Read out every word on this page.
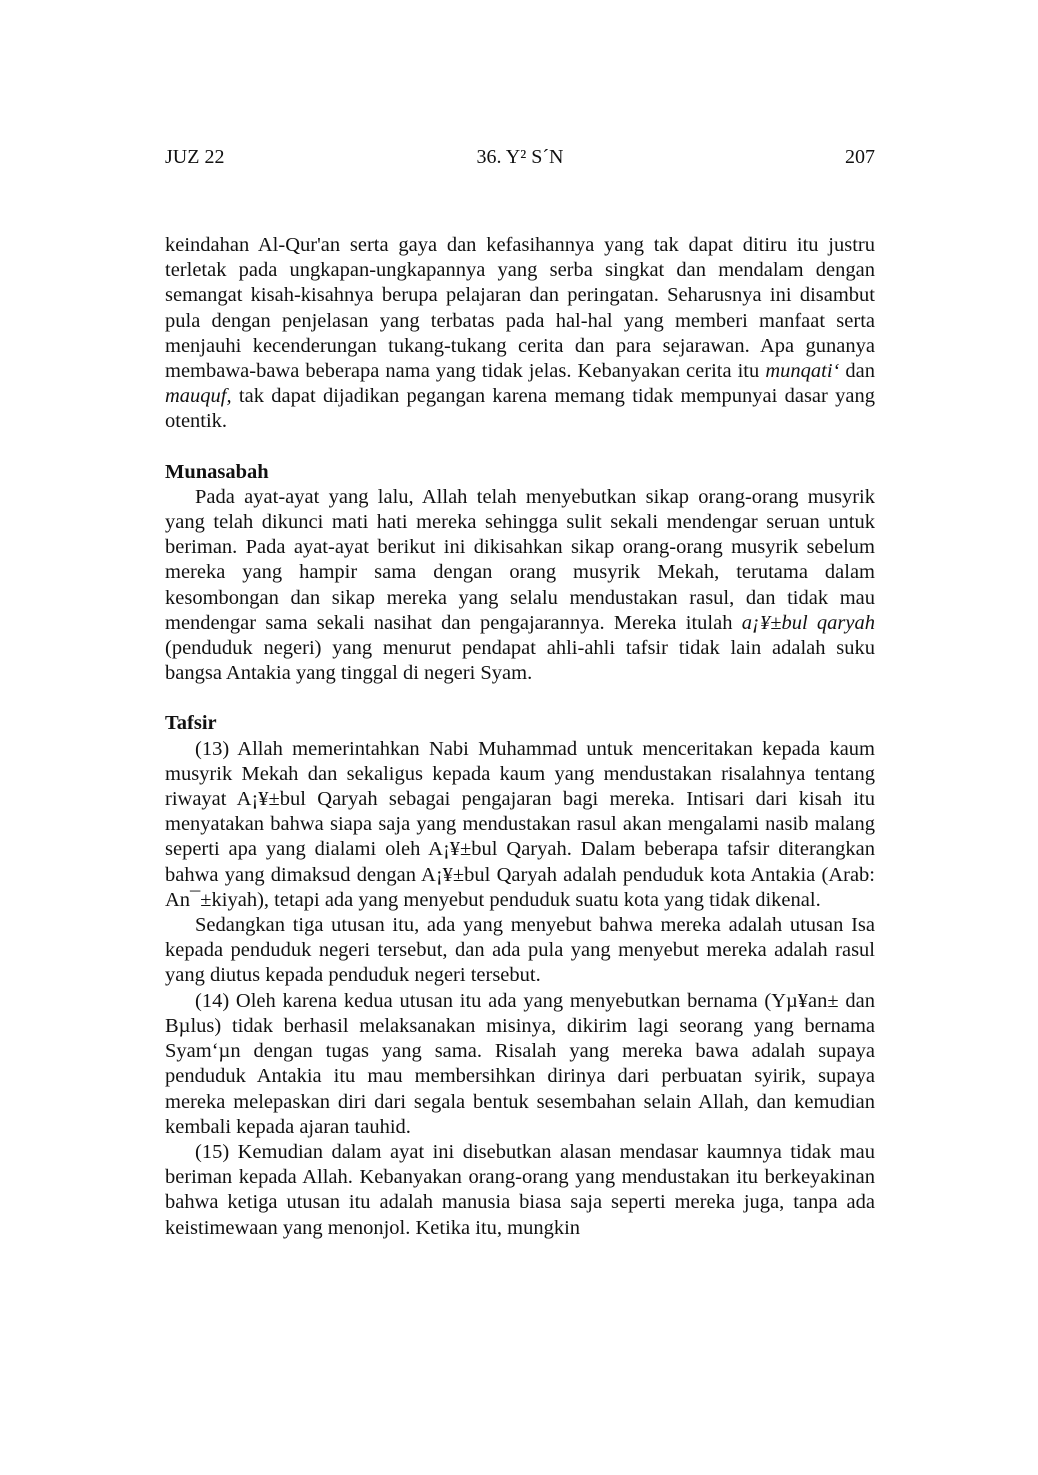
JUZ 22	36. Y² S´N	207

keindahan Al-Qur'an serta gaya dan kefasihannya yang tak dapat ditiru itu justru terletak pada ungkapan-ungkapannya yang serba singkat dan mendalam dengan semangat kisah-kisahnya berupa pelajaran dan peringatan. Seharusnya ini disambut pula dengan penjelasan yang terbatas pada hal-hal yang memberi manfaat serta menjauhi kecenderungan tukang-tukang cerita dan para sejarawan. Apa gunanya membawa-bawa beberapa nama yang tidak jelas. Kebanyakan cerita itu munqati‘ dan mauquf, tak dapat dijadikan pegangan karena memang tidak mempunyai dasar yang otentik.

Munasabah

Pada ayat-ayat yang lalu, Allah telah menyebutkan sikap orang-orang musyrik yang telah dikunci mati hati mereka sehingga sulit sekali mendengar seruan untuk beriman. Pada ayat-ayat berikut ini dikisahkan sikap orang-orang musyrik sebelum mereka yang hampir sama dengan orang musyrik Mekah, terutama dalam kesombongan dan sikap mereka yang selalu mendustakan rasul, dan tidak mau mendengar sama sekali nasihat dan pengajarannya. Mereka itulah a¡¥±bul qaryah (penduduk negeri) yang menurut pendapat ahli-ahli tafsir tidak lain adalah suku bangsa Antakia yang tinggal di negeri Syam.

Tafsir

(13) Allah memerintahkan Nabi Muhammad untuk menceritakan kepada kaum musyrik Mekah dan sekaligus kepada kaum yang mendustakan risalahnya tentang riwayat A¡¥±bul Qaryah sebagai pengajaran bagi mereka. Intisari dari kisah itu menyatakan bahwa siapa saja yang mendustakan rasul akan mengalami nasib malang seperti apa yang dialami oleh A¡¥±bul Qaryah. Dalam beberapa tafsir diterangkan bahwa yang dimaksud dengan A¡¥±bul Qaryah adalah penduduk kota Antakia (Arab: An¯±kiyah), tetapi ada yang menyebut penduduk suatu kota yang tidak dikenal.

Sedangkan tiga utusan itu, ada yang menyebut bahwa mereka adalah utusan Isa kepada penduduk negeri tersebut, dan ada pula yang menyebut mereka adalah rasul yang diutus kepada penduduk negeri tersebut.

(14) Oleh karena kedua utusan itu ada yang menyebutkan bernama (Yµ¥an± dan Bµlus) tidak berhasil melaksanakan misinya, dikirim lagi seorang yang bernama Syam‘µn dengan tugas yang sama. Risalah yang mereka bawa adalah supaya penduduk Antakia itu mau membersihkan dirinya dari perbuatan syirik, supaya mereka melepaskan diri dari segala bentuk sesembahan selain Allah, dan kemudian kembali kepada ajaran tauhid.

(15) Kemudian dalam ayat ini disebutkan alasan mendasar kaumnya tidak mau beriman kepada Allah. Kebanyakan orang-orang yang mendustakan itu berkeyakinan bahwa ketiga utusan itu adalah manusia biasa saja seperti mereka juga, tanpa ada keistimewaan yang menonjol. Ketika itu, mungkin
